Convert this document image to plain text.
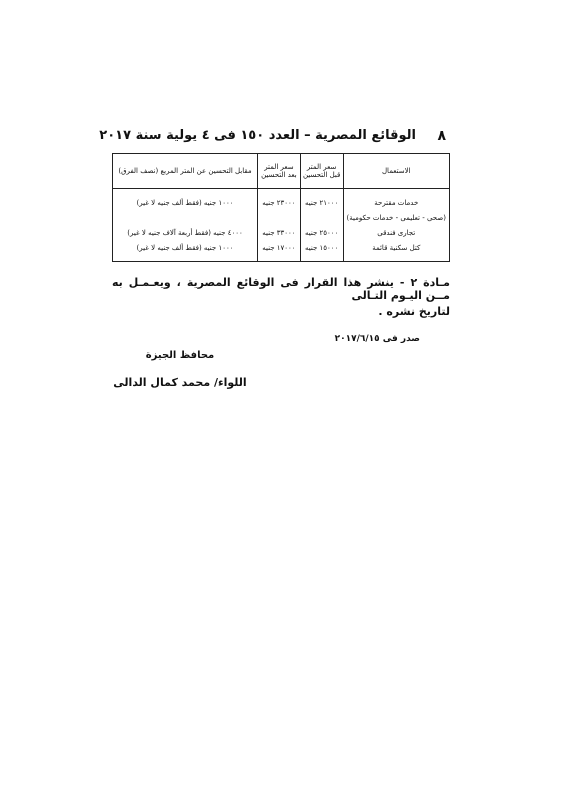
الوقائع المصرية – العدد ١٥٠ فى ٤ يولية سنة ٢٠١٧ ٨
الاستعمال	سعر المتر قبل التحسين	سعر المتر بعد التحسين	مقابل التحسين عن المتر المربع (نصف الفرق)
خدمات مقترحة	٢١٠٠٠ جنيه	٢٣٠٠٠ جنيه	١٠٠٠ جنيه (فقط ألف جنيه لا غير)
(صحى - تعليمى - خدمات حكومية)			
تجارى فندقى	٢٥٠٠٠ جنيه	٣٣٠٠٠ جنيه	٤٠٠٠ جنيه (فقط أربعة آلاف جنيه لا غير)
كتل سكنية قائمة	١٥٠٠٠ جنيه	١٧٠٠٠ جنيه	١٠٠٠ جنيه (فقط ألف جنيه لا غير)
مـادة ٢ - ينشر هذا القرار فى الوقائع المصرية ، ويعـمـل به مــن اليـوم التـالى
لتاريخ نشره .
صدر فى ٢٠١٧/٦/١٥
محافظ الجيزة
اللواء/ محمد كمال الدالى
